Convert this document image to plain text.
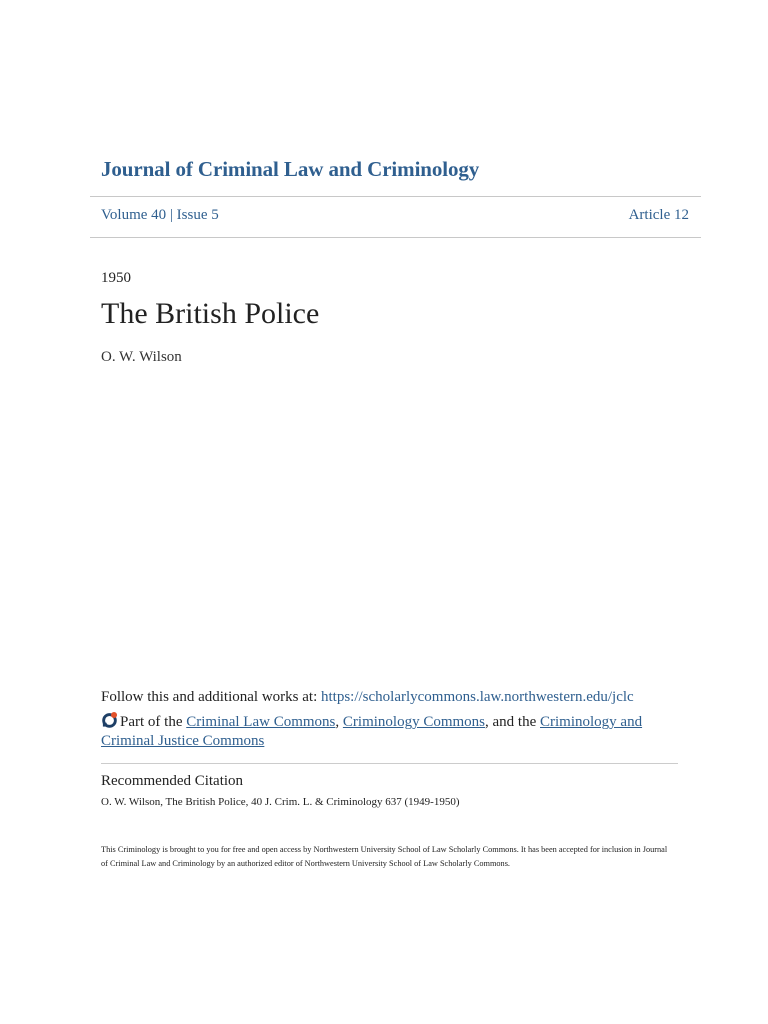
Journal of Criminal Law and Criminology
Volume 40 | Issue 5	Article 12
1950
The British Police
O. W. Wilson
Follow this and additional works at: https://scholarlycommons.law.northwestern.edu/jclc
Part of the Criminal Law Commons, Criminology Commons, and the Criminology and Criminal Justice Commons
Recommended Citation
O. W. Wilson, The British Police, 40 J. Crim. L. & Criminology 637 (1949-1950)
This Criminology is brought to you for free and open access by Northwestern University School of Law Scholarly Commons. It has been accepted for inclusion in Journal of Criminal Law and Criminology by an authorized editor of Northwestern University School of Law Scholarly Commons.
